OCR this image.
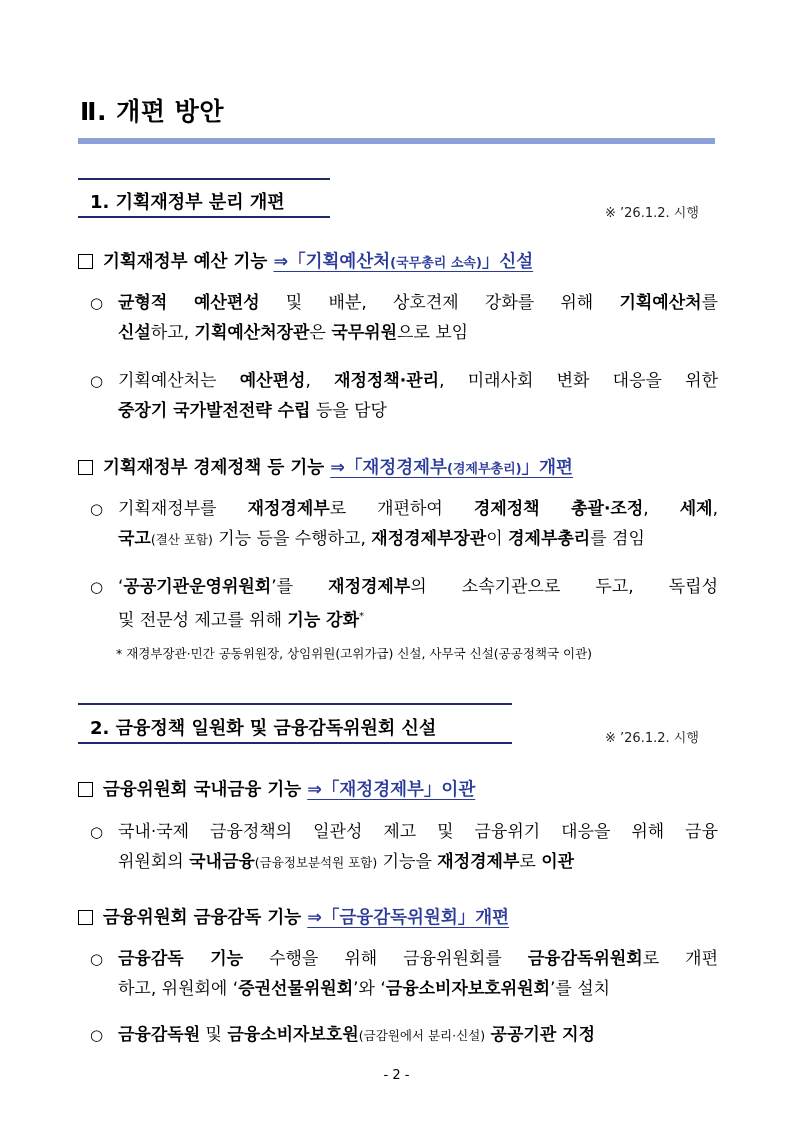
Ⅱ. 개편 방안
1. 기획재정부 분리 개편
※ ’26.1.2. 시행
기획재정부 예산 기능 ⇒「기획예산처(국무총리 소속)」신설
○ 균형적 예산편성 및 배분, 상호견제 강화를 위해 기획예산처를
신설하고, 기획예산처장관은 국무위원으로 보임
○ 기획예산처는 예산편성, 재정정책·관리, 미래사회 변화 대응을 위한
중장기 국가발전전략 수립 등을 담당
기획재정부 경제정책 등 기능 ⇒「재정경제부(경제부총리)」개편
○ 기획재정부를 재정경제부로 개편하여 경제정책 총괄·조정, 세제,
국고(결산 포함) 기능 등을 수행하고, 재정경제부장관이 경제부총리를 겸임
○ ‘공공기관운영위원회’를 재정경제부의 소속기관으로 두고, 독립성
및 전문성 제고를 위해 기능 강화*
* 재경부장관·민간 공동위원장, 상임위원(고위가급) 신설, 사무국 신설(공공정책국 이관)
2. 금융정책 일원화 및 금융감독위원회 신설	※ ’26.1.2. 시행
금융위원회 국내금융 기능 ⇒「재정경제부」이관
○ 국내·국제 금융정책의 일관성 제고 및 금융위기 대응을 위해 금융
위원회의 국내금융(금융정보분석원 포함) 기능을 재정경제부로 이관
금융위원회 금융감독 기능 ⇒「금융감독위원회」개편
○ 금융감독 기능 수행을 위해 금융위원회를 금융감독위원회로 개편
하고, 위원회에 ‘증권선물위원회’와 ‘금융소비자보호위원회’를 설치
○ 금융감독원 및 금융소비자보호원(금감원에서 분리·신설) 공공기관 지정
- 2 -
